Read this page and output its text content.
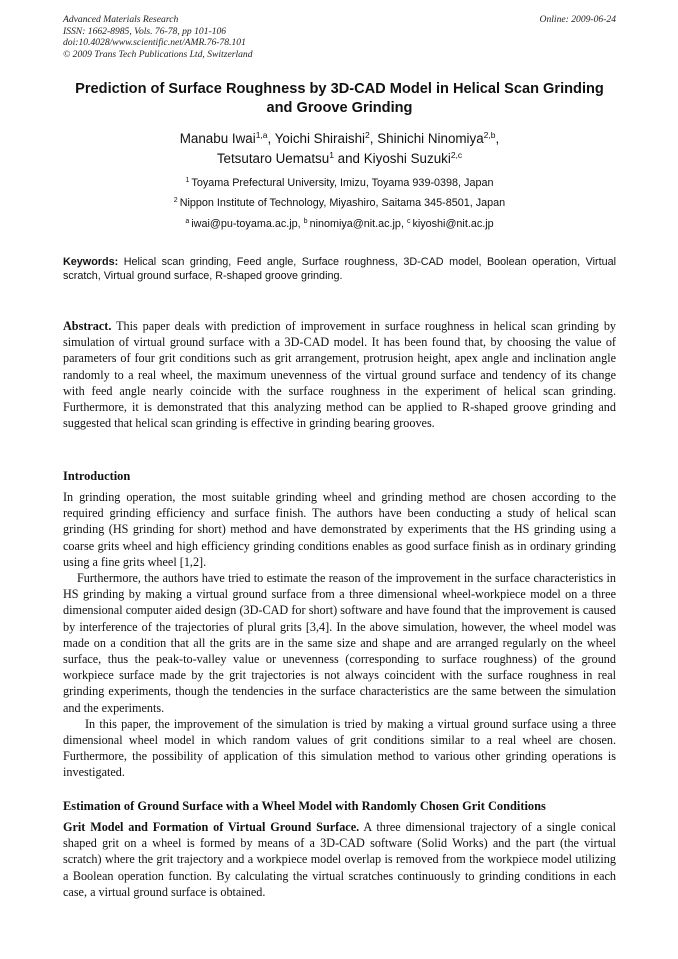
Advanced Materials Research
ISSN: 1662-8985, Vols. 76-78, pp 101-106
doi:10.4028/www.scientific.net/AMR.76-78.101
© 2009 Trans Tech Publications Ltd, Switzerland
Online: 2009-06-24
Prediction of Surface Roughness by 3D-CAD Model in Helical Scan Grinding and Groove Grinding
Manabu Iwai$^{1,a}$, Yoichi Shiraishi$^2$, Shinichi Ninomiya$^{2,b}$,
Tetsutaro Uematsu$^1$ and Kiyoshi Suzuki$^{2,c}$
$^1$ Toyama Prefectural University, Imizu, Toyama 939-0398, Japan
$^2$ Nippon Institute of Technology, Miyashiro, Saitama 345-8501, Japan
$^a$ iwai@pu-toyama.ac.jp, $^b$ ninomiya@nit.ac.jp, $^c$ kiyoshi@nit.ac.jp
Keywords: Helical scan grinding, Feed angle, Surface roughness, 3D-CAD model, Boolean operation, Virtual scratch, Virtual ground surface, R-shaped groove grinding.
Abstract. This paper deals with prediction of improvement in surface roughness in helical scan grinding by simulation of virtual ground surface with a 3D-CAD model. It has been found that, by choosing the value of parameters of four grit conditions such as grit arrangement, protrusion height, apex angle and inclination angle randomly to a real wheel, the maximum unevenness of the virtual ground surface and tendency of its change with feed angle nearly coincide with the surface roughness in the experiment of helical scan grinding. Furthermore, it is demonstrated that this analyzing method can be applied to R-shaped groove grinding and suggested that helical scan grinding is effective in grinding bearing grooves.
Introduction

In grinding operation, the most suitable grinding wheel and grinding method are chosen according to the required grinding efficiency and surface finish. The authors have been conducting a study of helical scan grinding (HS grinding for short) method and have demonstrated by experiments that the HS grinding using a coarse grits wheel and high efficiency grinding conditions enables as good surface finish as in ordinary grinding using a fine grits wheel [1,2].

Furthermore, the authors have tried to estimate the reason of the improvement in the surface characteristics in HS grinding by making a virtual ground surface from a three dimensional wheel-workpiece model on a three dimensional computer aided design (3D-CAD for short) software and have found that the improvement is caused by interference of the trajectories of plural grits [3,4]. In the above simulation, however, the wheel model was made on a condition that all the grits are in the same size and shape and are arranged regularly on the wheel surface, thus the peak-to-valley value or unevenness (corresponding to surface roughness) of the ground workpiece surface made by the grit trajectories is not always coincident with the surface roughness in real grinding experiments, though the tendencies in the surface characteristics are the same between the simulation and the experiments.

In this paper, the improvement of the simulation is tried by making a virtual ground surface using a three dimensional wheel model in which random values of grit conditions similar to a real wheel are chosen. Furthermore, the possibility of application of this simulation method to various other grinding operations is investigated.

Estimation of Ground Surface with a Wheel Model with Randomly Chosen Grit Conditions
Grit Model and Formation of Virtual Ground Surface. A three dimensional trajectory of a single conical shaped grit on a wheel is formed by means of a 3D-CAD software (Solid Works) and the part (the virtual scratch) where the grit trajectory and a workpiece model overlap is removed from the workpiece model utilizing a Boolean operation function. By calculating the virtual scratches continuously to grinding conditions in each case, a virtual ground surface is obtained.
